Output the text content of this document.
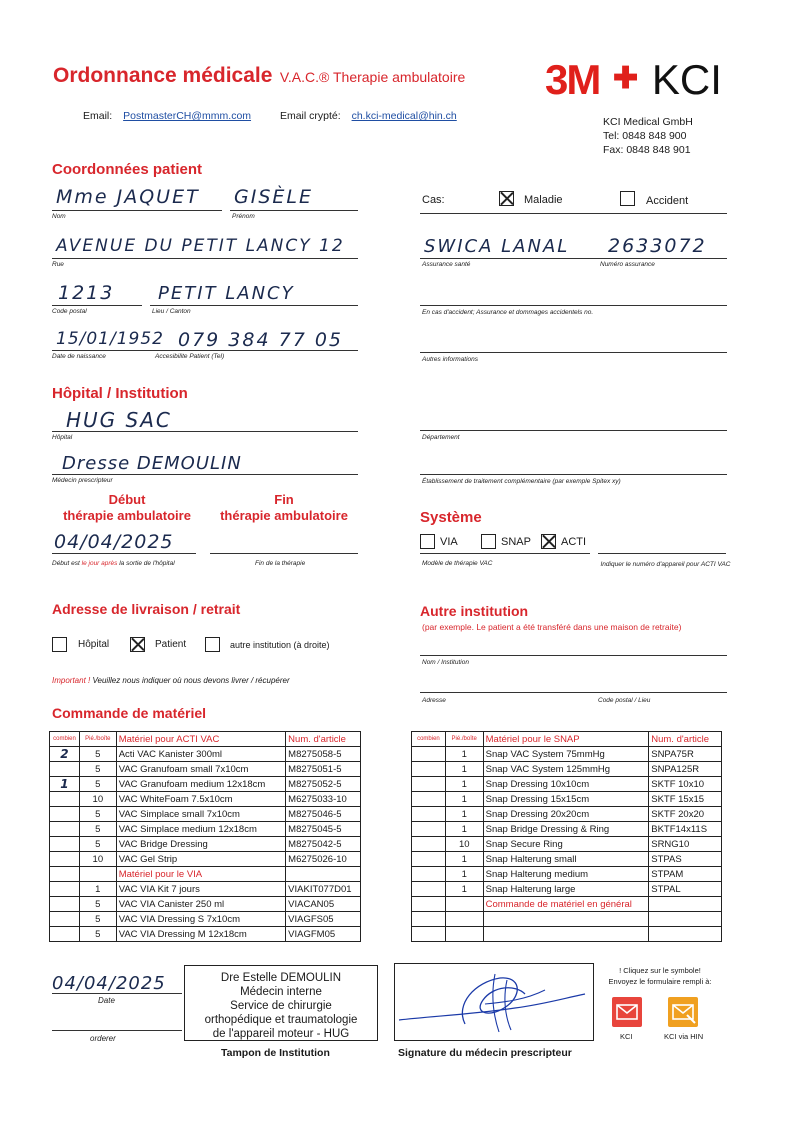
Ordonnance médicale V.A.C.® Therapie ambulatoire 3M ✚ KCI
Email: PostmasterCH@mmm.com	Email crypté: ch.kci-medical@hin.ch	KCI Medical GmbH
Tel: 0848 848 900
Fax: 0848 848 901
Coordonnées patient
Mme JAQUET
Nom
GISÈLE
Prénom
AVENUE DU PETIT LANCY 12
Rue
1213
Code postal
PETIT LANCY
Lieu / Canton
15/01/1952 079 384 77 05
Date de naissance	Accesibilite Patient (Tel)
Cas:	Maladie	Accident
SWICA LANAL 2633072
Assurance santé	Numéro assurance
En cas d'accident; Assurance et dommages accidentels no.
Autres informations
Hôpital / Institution
HUG SAC
Hôpital
Dresse DEMOULIN
Médecin prescripteur
Département
Établissement de traitement complémentaire (par exemple Spitex xy)
Début
thérapie ambulatoire
Fin
thérapie ambulatoire
04/04/2025
Début est le jour après la sortie de l'hôpital	Fin de la thérapie
Système
VIA	SNAP	ACTI
Modèle de thérapie VAC	Indiquer le numéro d'appareil pour ACTI VAC
Adresse de livraison / retrait
Hôpital	Patient	autre institution (à droite)
Important ! Veuillez nous indiquer où nous devons livrer / récupérer
Autre institution
(par exemple. Le patient a été transféré dans une maison de retraite)
Nom / Institution
Adresse	Code postal / Lieu
Commande de matériel
combien	Pié./boîte	Matériel pour ACTI VAC	Num. d'article
2	5	Acti VAC Kanister 300ml	M8275058-5
	5	VAC Granufoam small 7x10cm	M8275051-5
1	5	VAC Granufoam medium 12x18cm	M8275052-5
	10	VAC WhiteFoam 7.5x10cm	M6275033-10
	5	VAC Simplace small 7x10cm	M8275046-5
	5	VAC Simplace medium 12x18cm	M8275045-5
	5	VAC Bridge Dressing	M8275042-5
	10	VAC Gel Strip	M6275026-10
		Matériel pour le VIA	
	1	VAC VIA Kit 7 jours	VIAKIT077D01
	5	VAC VIA Canister 250 ml	VIACAN05
	5	VAC VIA Dressing S 7x10cm	VIAGFS05
	5	VAC VIA Dressing M 12x18cm	VIAGFM05
combien	Pié./boîte	Matériel pour le SNAP	Num. d'article
	1	Snap VAC System 75mmHg	SNPA75R
	1	Snap VAC System 125mmHg	SNPA125R
	1	Snap Dressing 10x10cm	SKTF 10x10
	1	Snap Dressing 15x15cm	SKTF 15x15
	1	Snap Dressing 20x20cm	SKTF 20x20
	1	Snap Bridge Dressing & Ring	BKTF14x11S
	10	Snap Secure Ring	SRNG10
	1	Snap Halterung small	STPAS
	1	Snap Halterung medium	STPAM
	1	Snap Halterung large	STPAL
		Commande de matériel en général	

04/04/2025
Date
orderer
Dre Estelle DEMOULIN
Médecin interne
Service de chirurgie
orthopédique et traumatologie
de l'appareil moteur - HUG
Tampon de Institution	Signature du médecin prescripteur
! Cliquez sur le symbole!
Envoyez le formulaire rempli à:
KCI	KCI via HIN
